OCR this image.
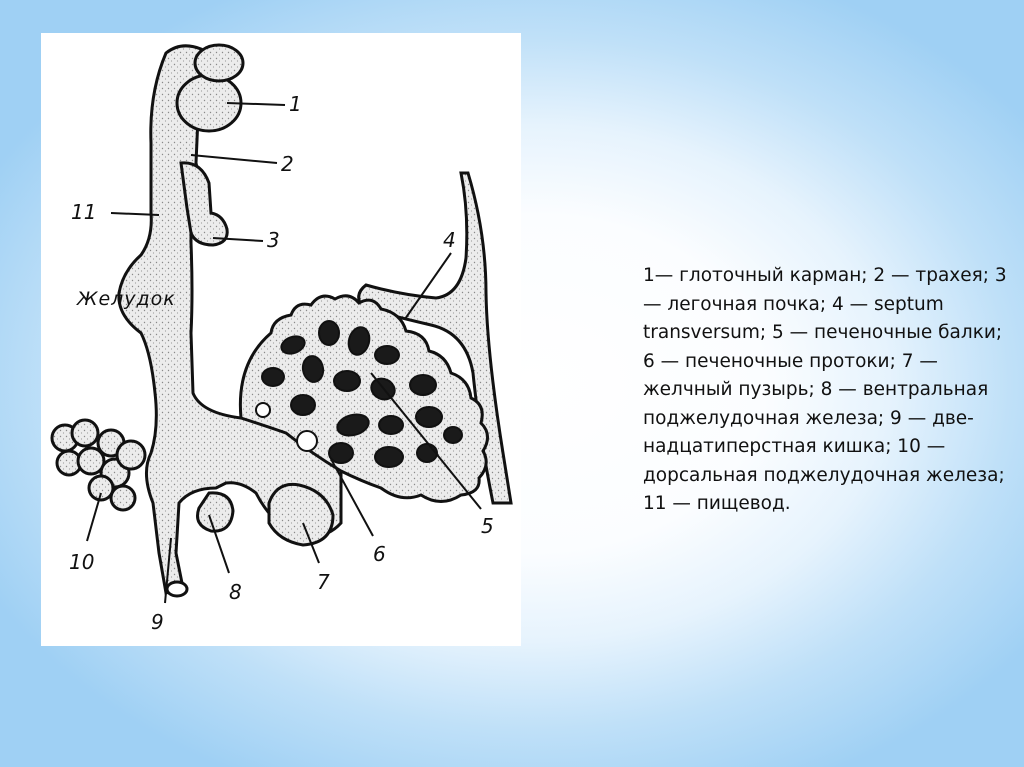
1
2
3	4
5
6
7
8
9
10
11
Желудок

1— глоточный карман; 2 — трахея; 3 — легочная почка; 4 — septum transversum; 5 — печеночные балки; 6 — печеночные протоки; 7 — желчный пузырь; 8 — вентральная поджелудочная железа; 9 — две-надцатиперстная кишка; 10 — дорсальная поджелудочная железа; 11 — пищевод.
